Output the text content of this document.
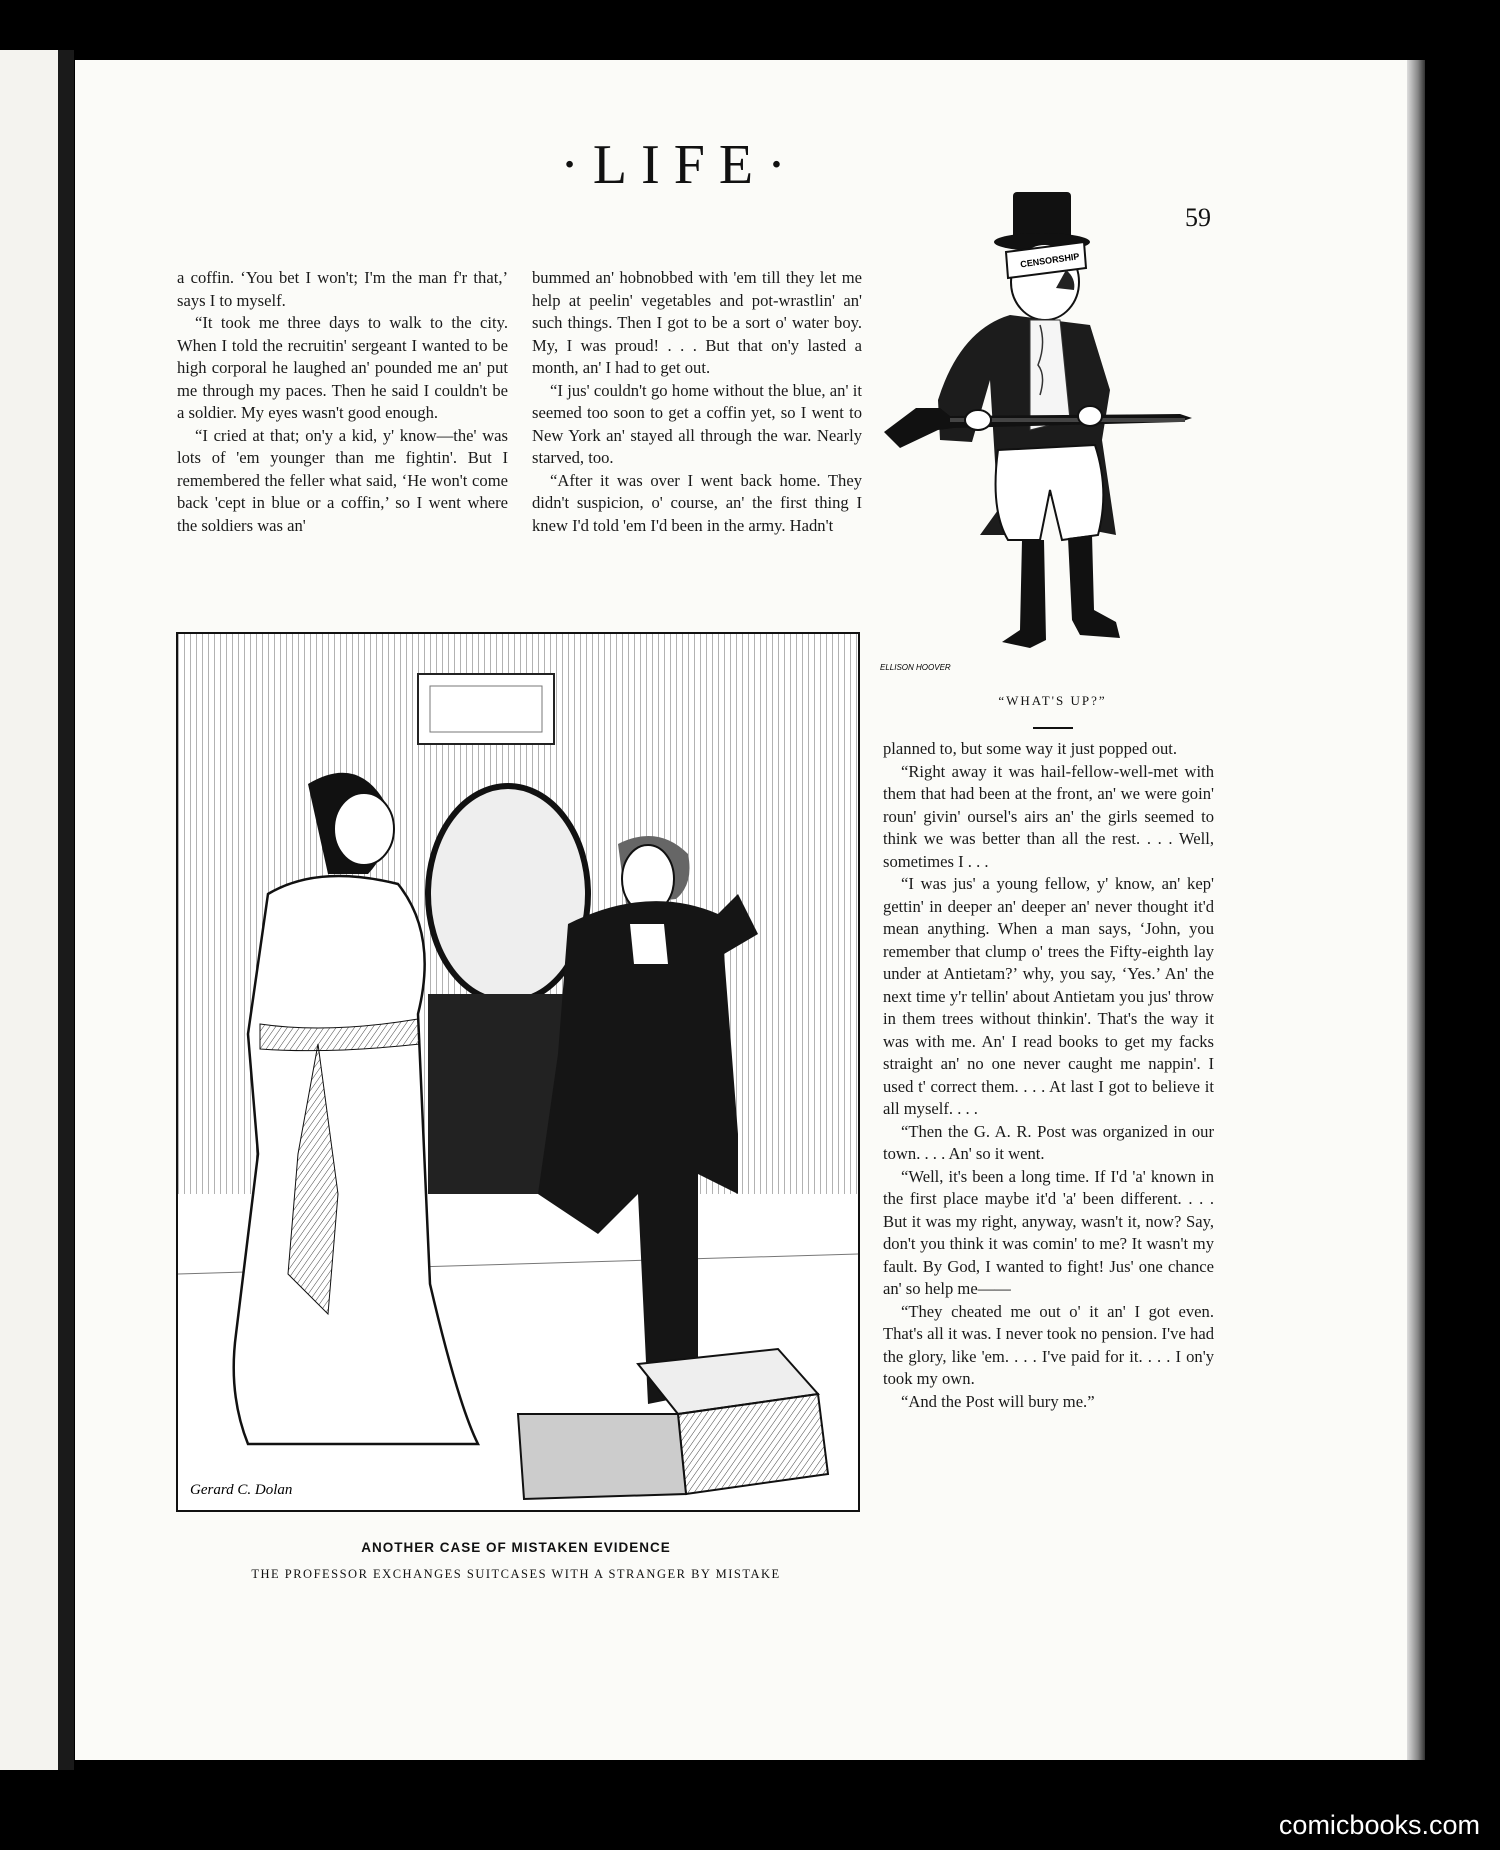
·LIFE·
59

a coffin. ‘You bet I won't; I'm the man f'r that,’ says I to myself.

“It took me three days to walk to the city. When I told the recruitin' sergeant I wanted to be high corporal he laughed an' pounded me an' put me through my paces. Then he said I couldn't be a soldier. My eyes wasn't good enough.

“I cried at that; on'y a kid, y' know—the' was lots of 'em younger than me fightin'. But I remembered the feller what said, ‘He won't come back 'cept in blue or a coffin,’ so I went where the soldiers was an'

bummed an' hobnobbed with 'em till they let me help at peelin' vegetables and pot-wrastlin' an' such things. Then I got to be a sort o' water boy. My, I was proud! . . . But that on'y lasted a month, an' I had to get out.

“I jus' couldn't go home without the blue, an' it seemed too soon to get a coffin yet, so I went to New York an' stayed all through the war. Nearly starved, too.

“After it was over I went back home. They didn't suspicion, o' course, an' the first thing I knew I'd told 'em I'd been in the army. Hadn't

planned to, but some way it just popped out.

“Right away it was hail-fellow-well-met with them that had been at the front, an' we were goin' roun' givin' oursel's airs an' the girls seemed to think we was better than all the rest. . . . Well, sometimes I . . .

“I was jus' a young fellow, y' know, an' kep' gettin' in deeper an' deeper an' never thought it'd mean anything. When a man says, ‘John, you remember that clump o' trees the Fifty-eighth lay under at Antietam?’ why, you say, ‘Yes.’ An' the next time y'r tellin' about Antietam you jus' throw in them trees without thinkin'. That's the way it was with me. An' I read books to get my facks straight an' no one never caught me nappin'. I used t' correct them. . . . At last I got to believe it all myself. . . .

“Then the G. A. R. Post was organized in our town. . . . An' so it went.

“Well, it's been a long time. If I'd 'a' known in the first place maybe it'd 'a' been different. . . . But it was my right, anyway, wasn't it, now? Say, don't you think it was comin' to me? It wasn't my fault. By God, I wanted to fight! Jus' one chance an' so help me——

“They cheated me out o' it an' I got even. That's all it was. I never took no pension. I've had the glory, like 'em. . . . I've paid for it. . . . I on'y took my own.

“And the Post will bury me.”

CENSORSHIP
ELLISON HOOVER
“WHAT'S UP?”
Gerard C. Dolan
ANOTHER CASE OF MISTAKEN EVIDENCE
THE PROFESSOR EXCHANGES SUITCASES WITH A STRANGER BY MISTAKE
comicbooks.com
